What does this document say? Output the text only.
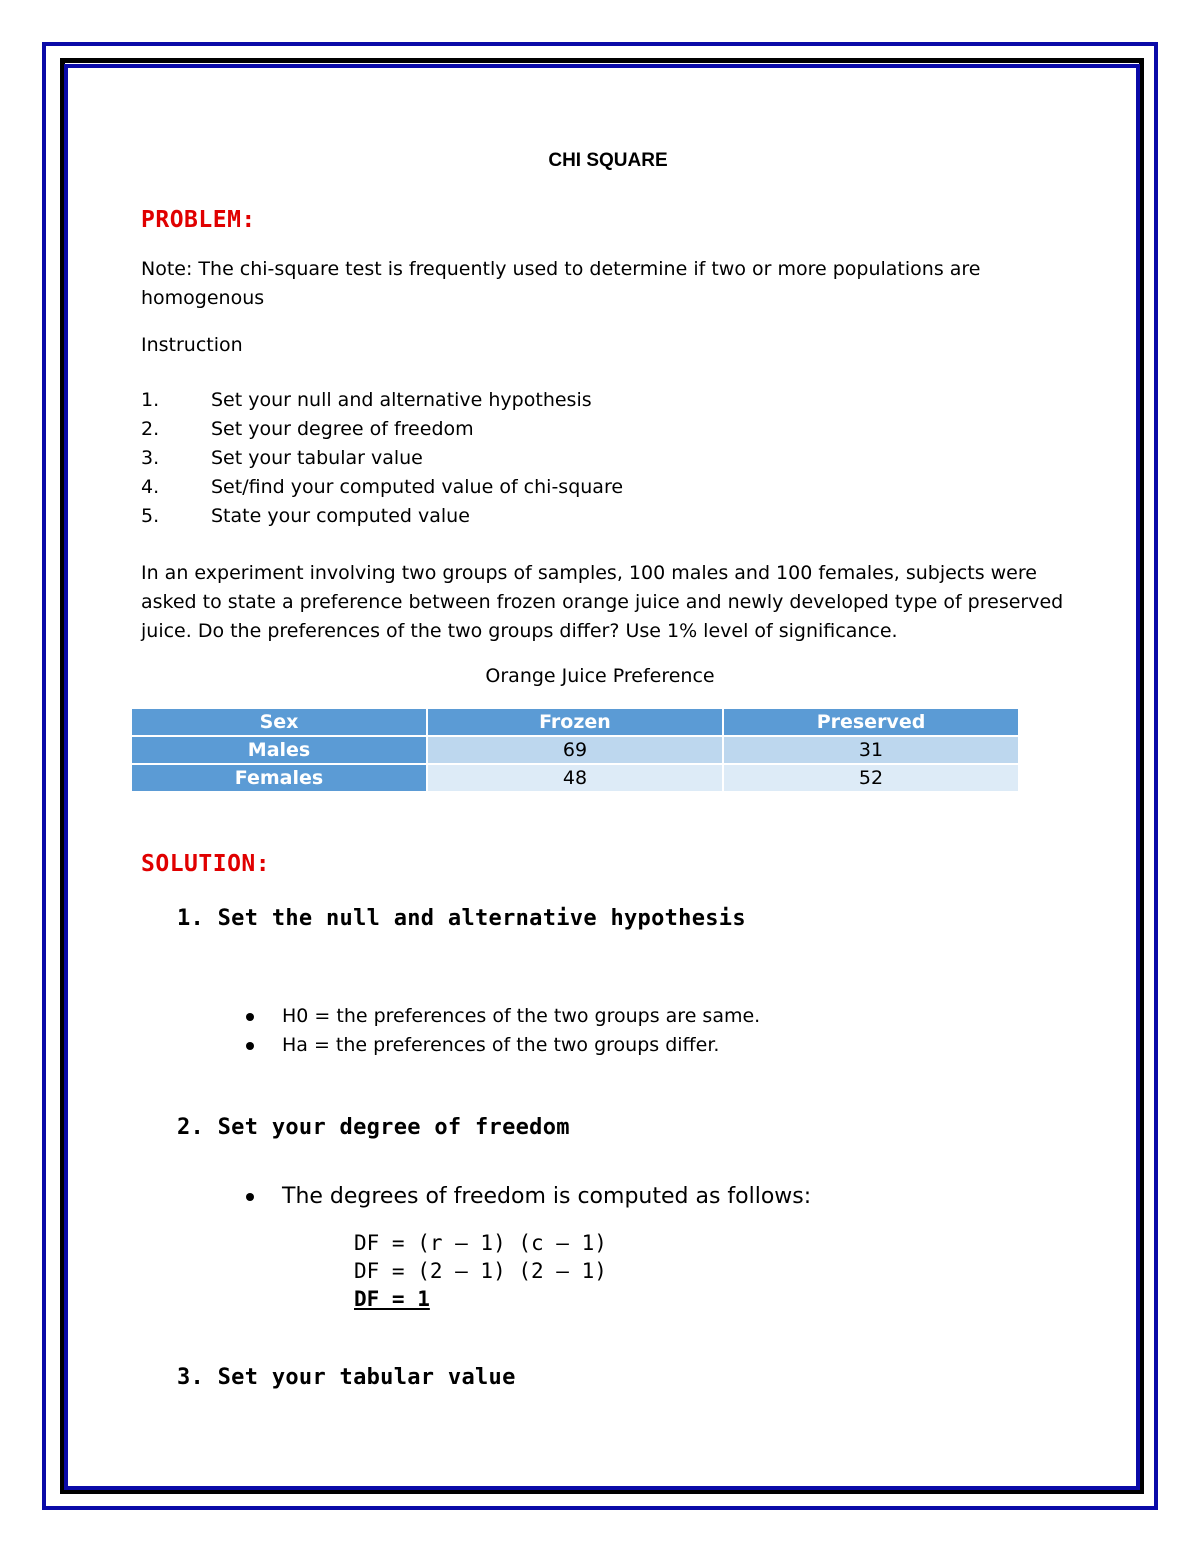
CHI SQUARE
PROBLEM:
Note: The chi-square test is frequently used to determine if two or more populations are
homogenous
Instruction
1.	Set your null and alternative hypothesis
2.	Set your degree of freedom
3.	Set your tabular value
4.	Set/find your computed value of chi-square
5.	State your computed value
In an experiment involving two groups of samples, 100 males and 100 females, subjects were
asked to state a preference between frozen orange juice and newly developed type of preserved
juice. Do the preferences of the two groups differ? Use 1% level of significance.
Orange Juice Preference
Sex	Frozen	Preserved
Males	69	31
Females	48	52
SOLUTION:
1. Set the null and alternative hypothesis
H0 = the preferences of the two groups are same.
Ha = the preferences of the two groups differ.
2. Set your degree of freedom
The degrees of freedom is computed as follows:
DF = (r – 1) (c – 1)
DF = (2 – 1) (2 – 1)
DF = 1
3. Set your tabular value
